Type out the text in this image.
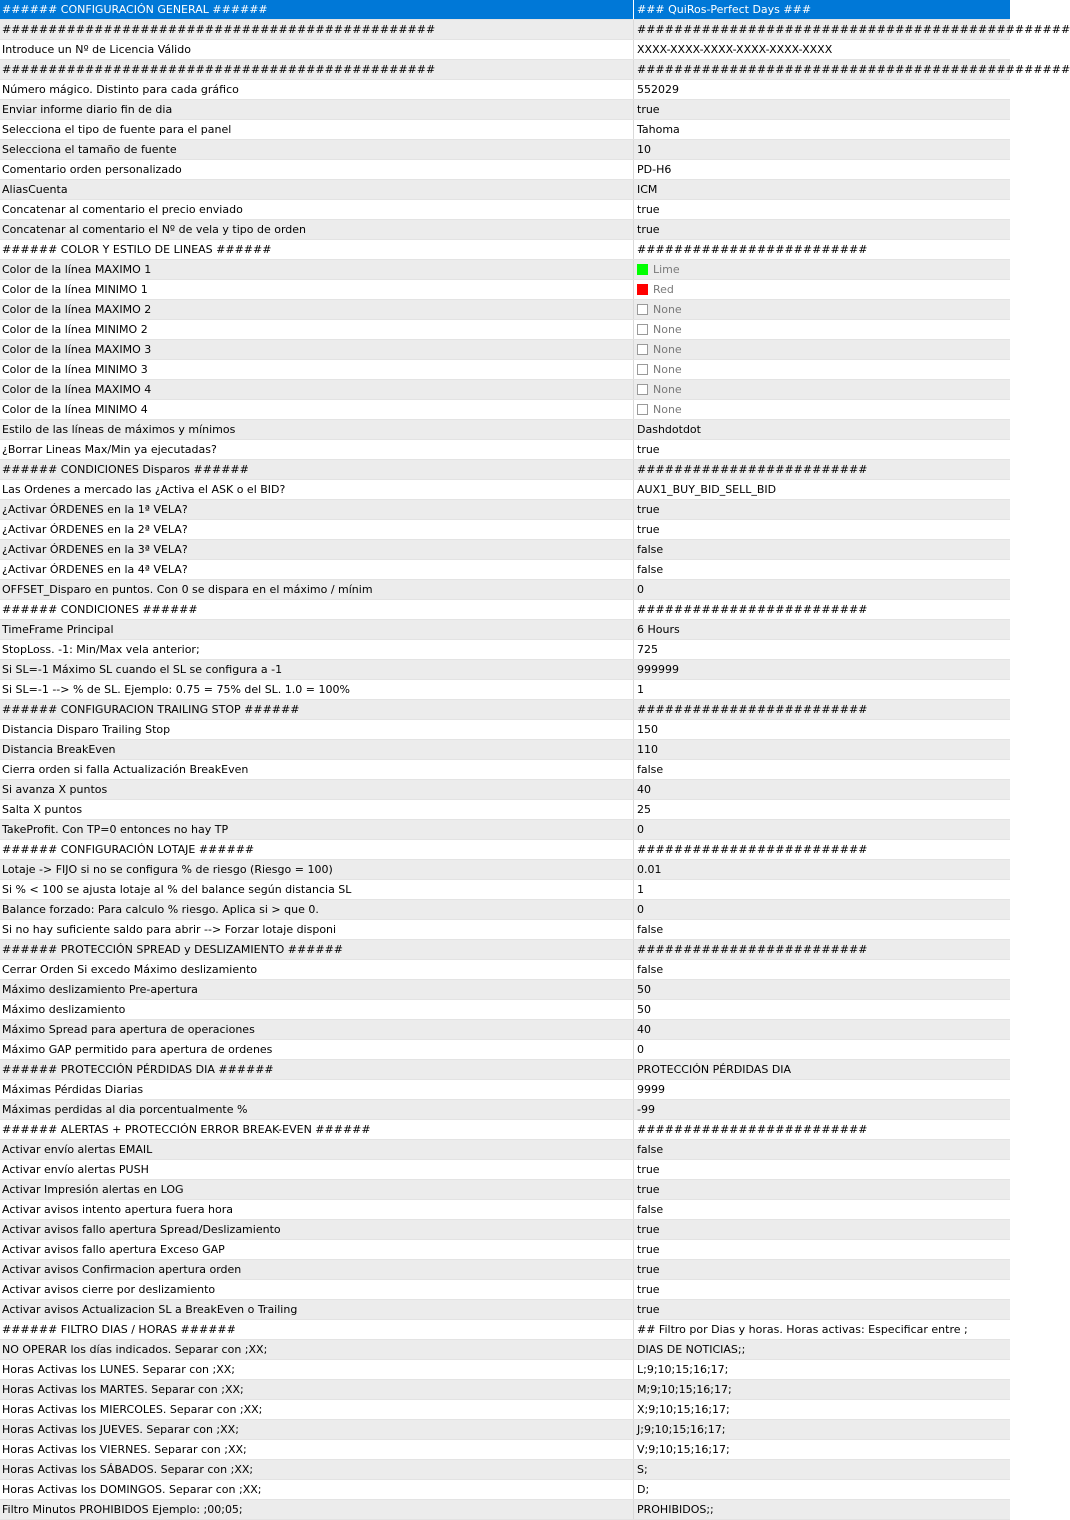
###### CONFIGURACIÓN GENERAL ######	### QuiRos-Perfect Days ###
###############################################	###############################################
Introduce un Nº de Licencia Válido	XXXX-XXXX-XXXX-XXXX-XXXX-XXXX
###############################################	###############################################
Número mágico. Distinto para cada gráfico	552029
Enviar informe diario fin de dia	true
Selecciona el tipo de fuente para el panel	Tahoma
Selecciona el tamaño de fuente	10
Comentario orden personalizado	PD-H6
AliasCuenta	ICM
Concatenar al comentario el precio enviado	true
Concatenar al comentario el Nº de vela y tipo de orden	true
###### COLOR Y ESTILO DE LINEAS ######	#########################
Color de la línea MAXIMO 1	Lime
Color de la línea MINIMO 1	Red
Color de la línea MAXIMO 2	None
Color de la línea MINIMO 2	None
Color de la línea MAXIMO 3	None
Color de la línea MINIMO 3	None
Color de la línea MAXIMO 4	None
Color de la línea MINIMO 4	None
Estilo de las líneas de máximos y mínimos	Dashdotdot
¿Borrar Lineas Max/Min ya ejecutadas?	true
###### CONDICIONES Disparos ######	#########################
Las Ordenes a mercado las ¿Activa el ASK o el BID?	AUX1_BUY_BID_SELL_BID
¿Activar ÓRDENES en la 1ª VELA?	true
¿Activar ÓRDENES en la 2ª VELA?	true
¿Activar ÓRDENES en la 3ª VELA?	false
¿Activar ÓRDENES en la 4ª VELA?	false
OFFSET_Disparo en puntos. Con 0 se dispara en el máximo / mínim	0
###### CONDICIONES ######	#########################
TimeFrame Principal	6 Hours
StopLoss. -1: Min/Max vela anterior;	725
Si SL=-1 Máximo SL cuando el SL se configura a -1	999999
Si SL=-1 --> % de SL. Ejemplo: 0.75 = 75% del SL. 1.0 = 100%	1
###### CONFIGURACION TRAILING STOP ######	#########################
Distancia Disparo Trailing Stop	150
Distancia BreakEven	110
Cierra orden si falla Actualización BreakEven	false
Si avanza X puntos	40
Salta X puntos	25
TakeProfit. Con TP=0 entonces no hay TP	0
###### CONFIGURACIÓN LOTAJE ######	#########################
Lotaje -> FIJO si no se configura % de riesgo (Riesgo = 100)	0.01
Si % < 100 se ajusta lotaje al % del balance según distancia SL	1
Balance forzado: Para calculo % riesgo. Aplica si > que 0.	0
Si no hay suficiente saldo para abrir --> Forzar lotaje disponi	false
###### PROTECCIÓN SPREAD y DESLIZAMIENTO ######	#########################
Cerrar Orden Si excedo Máximo deslizamiento	false
Máximo deslizamiento Pre-apertura	50
Máximo deslizamiento	50
Máximo Spread para apertura de operaciones	40
Máximo GAP permitido para apertura de ordenes	0
###### PROTECCIÓN PÉRDIDAS DIA ######	PROTECCIÓN PÉRDIDAS DIA
Máximas Pérdidas Diarias	9999
Máximas perdidas al dia porcentualmente %	-99
###### ALERTAS + PROTECCIÓN ERROR BREAK-EVEN ######	#########################
Activar envío alertas EMAIL	false
Activar envío alertas PUSH	true
Activar Impresión alertas en LOG	true
Activar avisos intento apertura fuera hora	false
Activar avisos fallo apertura Spread/Deslizamiento	true
Activar avisos fallo apertura Exceso GAP	true
Activar avisos Confirmacion apertura orden	true
Activar avisos cierre por deslizamiento	true
Activar avisos Actualizacion SL a BreakEven o Trailing	true
###### FILTRO DIAS / HORAS ######	## Filtro por Dias y horas. Horas activas: Especificar entre ;
NO OPERAR los días indicados. Separar con ;XX;	DIAS DE NOTICIAS;;
Horas Activas los LUNES. Separar con ;XX;	L;9;10;15;16;17;
Horas Activas los MARTES. Separar con ;XX;	M;9;10;15;16;17;
Horas Activas los MIERCOLES. Separar con ;XX;	X;9;10;15;16;17;
Horas Activas los JUEVES. Separar con ;XX;	J;9;10;15;16;17;
Horas Activas los VIERNES. Separar con ;XX;	V;9;10;15;16;17;
Horas Activas los SÁBADOS. Separar con ;XX;	S;
Horas Activas los DOMINGOS. Separar con ;XX;	D;
Filtro Minutos PROHIBIDOS Ejemplo: ;00;05;	PROHIBIDOS;;
